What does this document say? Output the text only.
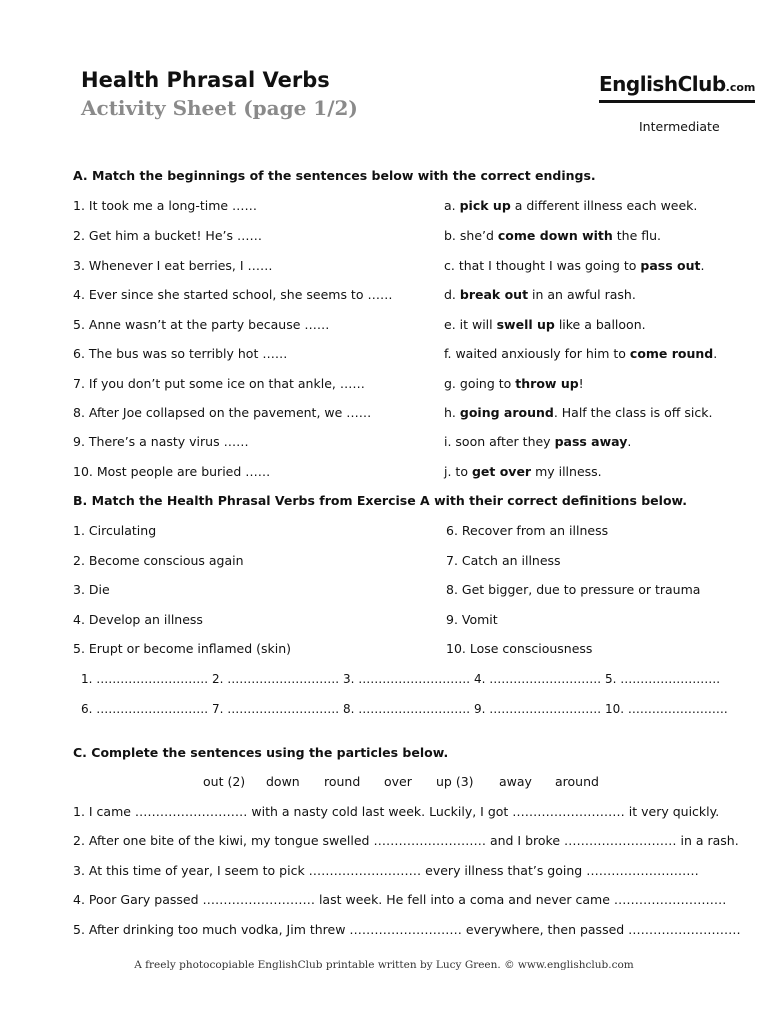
Health Phrasal Verbs
Activity Sheet (page 1/2)
EnglishClub.com
Intermediate
A. Match the beginnings of the sentences below with the correct endings.
1. It took me a long-time ……
2. Get him a bucket! He’s ……
3. Whenever I eat berries, I ……
4. Ever since she started school, she seems to ……
5. Anne wasn’t at the party because ……
6. The bus was so terribly hot ……
7. If you don’t put some ice on that ankle, ……
8. After Joe collapsed on the pavement, we ……
9. There’s a nasty virus ……
10. Most people are buried ……
a. pick up a different illness each week.
b. she’d come down with the flu.
c. that I thought I was going to pass out.
d. break out in an awful rash.
e. it will swell up like a balloon.
f. waited anxiously for him to come round.
g. going to throw up!
h. going around. Half the class is off sick.
i. soon after they pass away.
j. to get over my illness.
B. Match the Health Phrasal Verbs from Exercise A with their correct definitions below.
1. Circulating
2. Become conscious again
3. Die
4. Develop an illness
5. Erupt or become inflamed (skin)
6. Recover from an illness
7. Catch an illness
8. Get bigger, due to pressure or trauma
9. Vomit
10. Lose consciousness
1. ………………………. 2. ………………………. 3. ………………………. 4. ………………………. 5. …………………….
6. ………………………. 7. ………………………. 8. ………………………. 9. ………………………. 10. …………………….
C. Complete the sentences using the particles below.
out (2) down round over up (3) away around
1. I came ……………………… with a nasty cold last week. Luckily, I got ……………………… it very quickly.
2. After one bite of the kiwi, my tongue swelled ……………………… and I broke ……………………… in a rash.
3. At this time of year, I seem to pick ……………………… every illness that’s going ………………………
4. Poor Gary passed ……………………… last week. He fell into a coma and never came ………………………
5. After drinking too much vodka, Jim threw ……………………… everywhere, then passed ………………………
A freely photocopiable EnglishClub printable written by Lucy Green. © www.englishclub.com
